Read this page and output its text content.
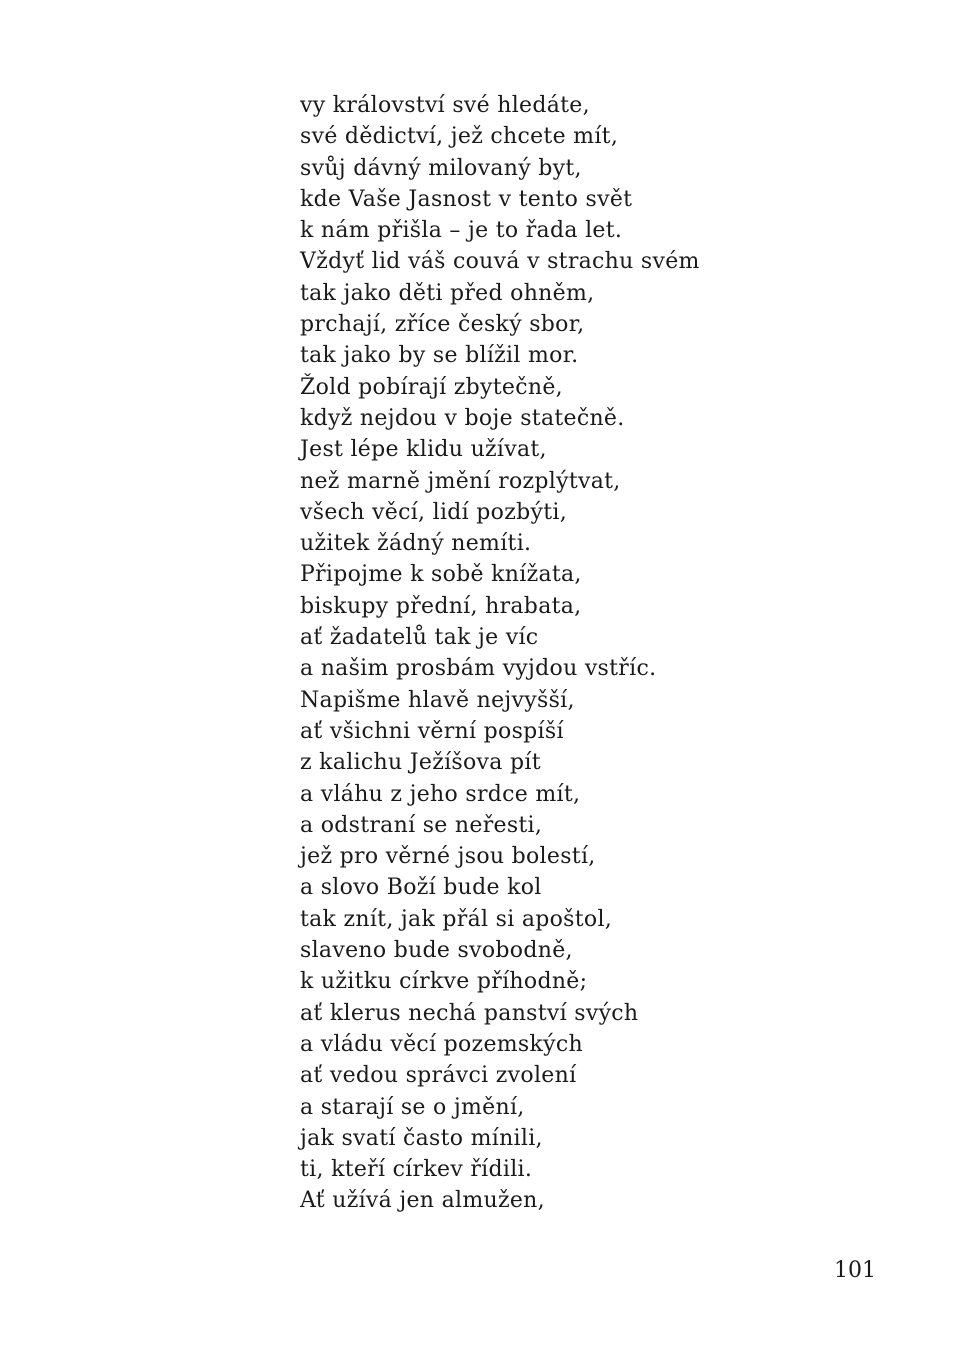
vy království své hledáte,
své dědictví, jež chcete mít,
svůj dávný milovaný byt,
kde Vaše Jasnost v tento svět
k nám přišla – je to řada let.
Vždyť lid váš couvá v strachu svém
tak jako děti před ohněm,
prchají, zříce český sbor,
tak jako by se blížil mor.
Žold pobírají zbytečně,
když nejdou v boje statečně.
Jest lépe klidu užívat,
než marně jmění rozplýtvat,
všech věcí, lidí pozbýti,
užitek žádný nemíti.
Připojme k sobě knížata,
biskupy přední, hrabata,
ať žadatelů tak je víc
a našim prosbám vyjdou vstříc.
Napišme hlavě nejvyšší,
ať všichni věrní pospíší
z kalichu Ježíšova pít
a vláhu z jeho srdce mít,
a odstraní se neřesti,
jež pro věrné jsou bolestí,
a slovo Boží bude kol
tak znít, jak přál si apoštol,
slaveno bude svobodně,
k užitku církve příhodně;
ať klerus nechá panství svých
a vládu věcí pozemských
ať vedou správci zvolení
a starají se o jmění,
jak svatí často mínili,
ti, kteří církev řídili.
Ať užívá jen almužen,
101
